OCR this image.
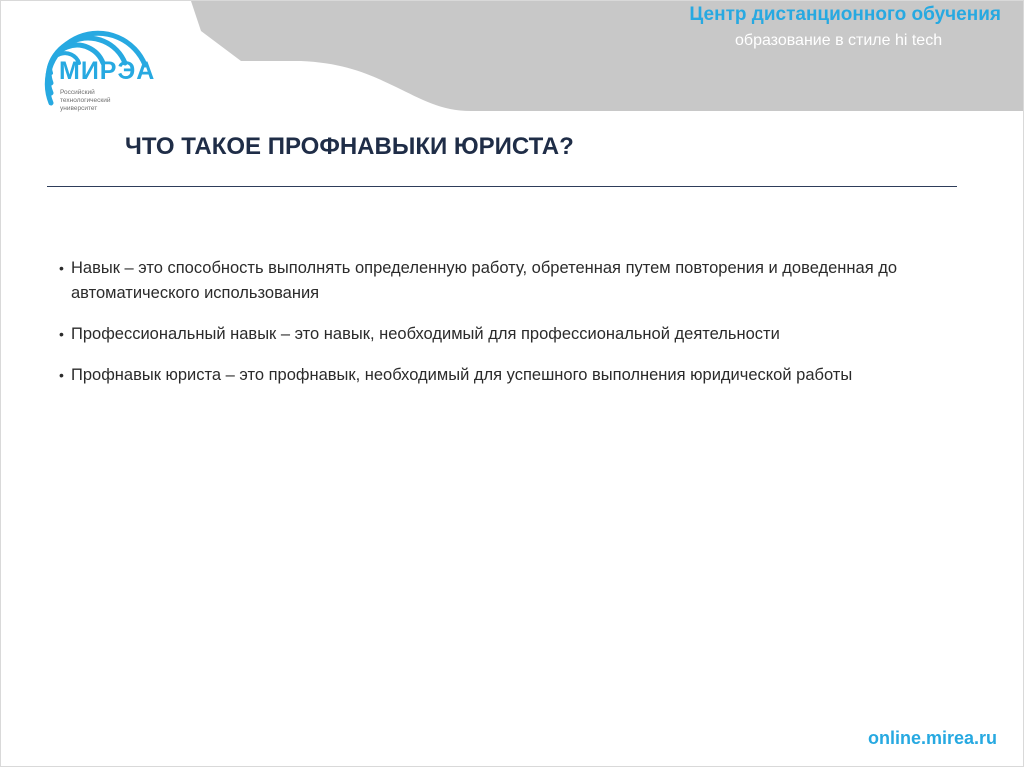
МИРЭА
Российский технологический университет
Центр дистанционного обучения
образование в стиле hi tech
ЧТО ТАКОЕ ПРОФНАВЫКИ ЮРИСТА?
• Навык – это способность выполнять определенную работу, обретенная путем повторения и доведенная до автоматического использования
• Профессиональный навык – это навык, необходимый для профессиональной деятельности
• Профнавык юриста – это профнавык, необходимый для успешного выполнения юридической работы
online.mirea.ru
